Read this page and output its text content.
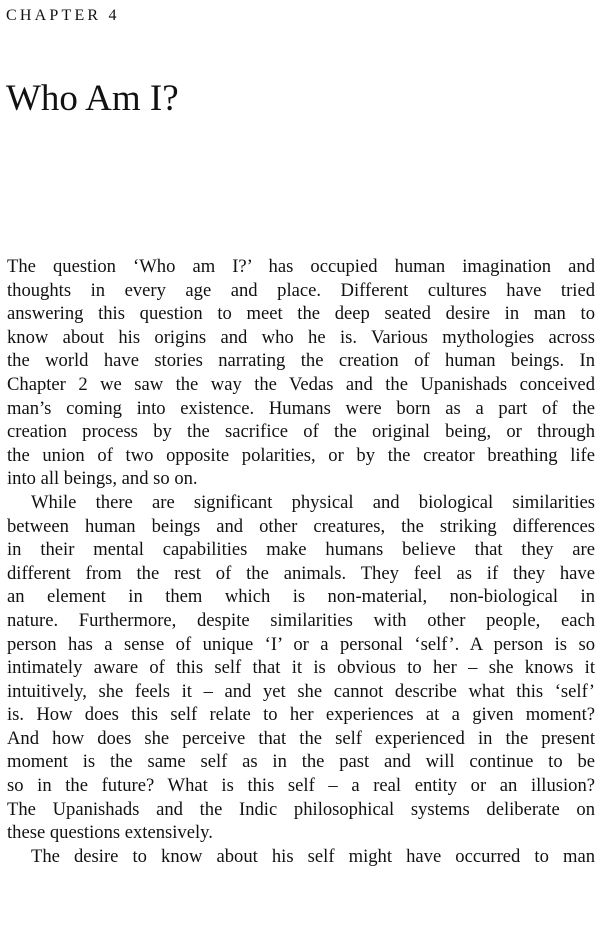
CHAPTER 4
Who Am I?
The question ‘Who am I?’ has occupied human imagination and
thoughts in every age and place. Different cultures have tried
answering this question to meet the deep seated desire in man to
know about his origins and who he is. Various mythologies across
the world have stories narrating the creation of human beings. In
Chapter 2 we saw the way the Vedas and the Upanishads conceived
man’s coming into existence. Humans were born as a part of the
creation process by the sacrifice of the original being, or through
the union of two opposite polarities, or by the creator breathing life
into all beings, and so on.
While there are significant physical and biological similarities
between human beings and other creatures, the striking differences
in their mental capabilities make humans believe that they are
different from the rest of the animals. They feel as if they have
an element in them which is non-material, non-biological in
nature. Furthermore, despite similarities with other people, each
person has a sense of unique ‘I’ or a personal ‘self’. A person is so
intimately aware of this self that it is obvious to her – she knows it
intuitively, she feels it – and yet she cannot describe what this ‘self’
is. How does this self relate to her experiences at a given moment?
And how does she perceive that the self experienced in the present
moment is the same self as in the past and will continue to be
so in the future? What is this self – a real entity or an illusion?
The Upanishads and the Indic philosophical systems deliberate on
these questions extensively.
The desire to know about his self might have occurred to man
